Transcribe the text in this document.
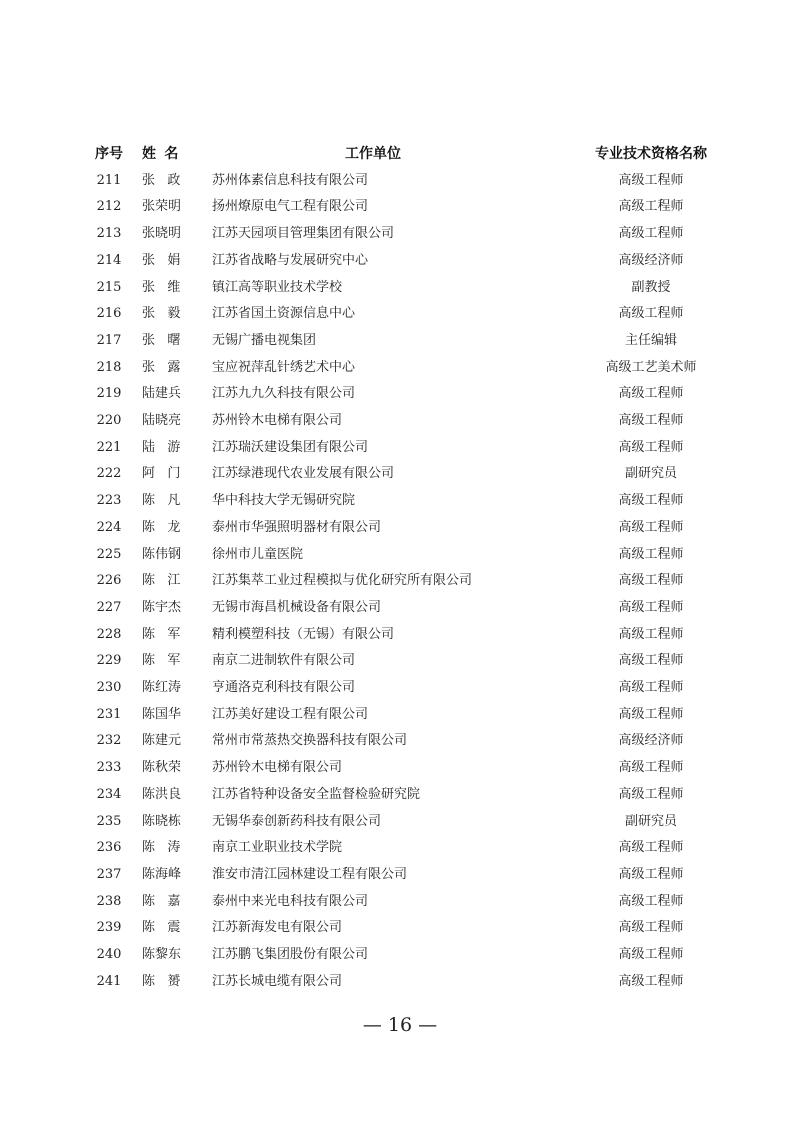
序号	姓名	工作单位	专业技术资格名称
211	张政	苏州体素信息科技有限公司	高级工程师
212	张荣明	扬州燎原电气工程有限公司	高级工程师
213	张晓明	江苏天园项目管理集团有限公司	高级工程师
214	张娟	江苏省战略与发展研究中心	高级经济师
215	张维	镇江高等职业技术学校	副教授
216	张毅	江苏省国土资源信息中心	高级工程师
217	张曙	无锡广播电视集团	主任编辑
218	张露	宝应祝萍乱针绣艺术中心	高级工艺美术师
219	陆建兵	江苏九九久科技有限公司	高级工程师
220	陆晓亮	苏州铃木电梯有限公司	高级工程师
221	陆游	江苏瑞沃建设集团有限公司	高级工程师
222	阿门	江苏绿港现代农业发展有限公司	副研究员
223	陈凡	华中科技大学无锡研究院	高级工程师
224	陈龙	泰州市华强照明器材有限公司	高级工程师
225	陈伟钢	徐州市儿童医院	高级工程师
226	陈江	江苏集萃工业过程模拟与优化研究所有限公司	高级工程师
227	陈宇杰	无锡市海昌机械设备有限公司	高级工程师
228	陈军	精利模塑科技（无锡）有限公司	高级工程师
229	陈军	南京二进制软件有限公司	高级工程师
230	陈红涛	亨通洛克利科技有限公司	高级工程师
231	陈国华	江苏美好建设工程有限公司	高级工程师
232	陈建元	常州市常蒸热交换器科技有限公司	高级经济师
233	陈秋荣	苏州铃木电梯有限公司	高级工程师
234	陈洪良	江苏省特种设备安全监督检验研究院	高级工程师
235	陈晓栋	无锡华泰创新药科技有限公司	副研究员
236	陈涛	南京工业职业技术学院	高级工程师
237	陈海峰	淮安市清江园林建设工程有限公司	高级工程师
238	陈嘉	泰州中来光电科技有限公司	高级工程师
239	陈震	江苏新海发电有限公司	高级工程师
240	陈黎东	江苏鹏飞集团股份有限公司	高级工程师
241	陈赟	江苏长城电缆有限公司	高级工程师
— 16 —
